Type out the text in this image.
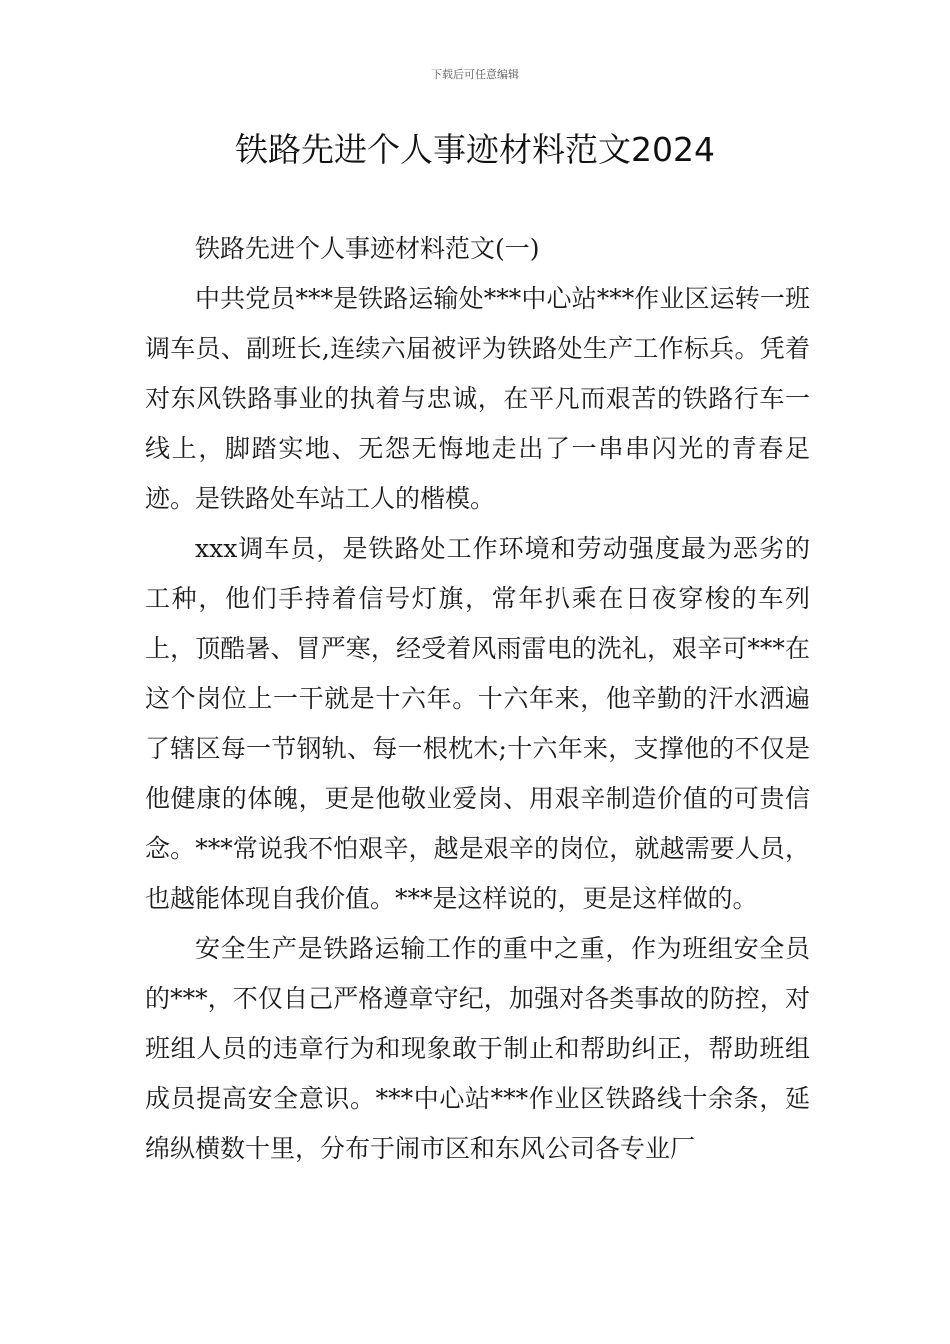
下载后可任意编辑
铁路先进个人事迹材料范文2024

铁路先进个人事迹材料范文(一)

中共党员***是铁路运输处***中心站***作业区运转一班调车员、副班长,连续六届被评为铁路处生产工作标兵。凭着对东风铁路事业的执着与忠诚，在平凡而艰苦的铁路行车一线上，脚踏实地、无怨无悔地走出了一串串闪光的青春足迹。是铁路处车站工人的楷模。

xxx调车员，是铁路处工作环境和劳动强度最为恶劣的工种，他们手持着信号灯旗，常年扒乘在日夜穿梭的车列上，顶酷暑、冒严寒，经受着风雨雷电的洗礼，艰辛可***在这个岗位上一干就是十六年。十六年来，他辛勤的汗水洒遍了辖区每一节钢轨、每一根枕木;十六年来，支撑他的不仅是他健康的体魄，更是他敬业爱岗、用艰辛制造价值的可贵信念。***常说我不怕艰辛，越是艰辛的岗位，就越需要人员，也越能体现自我价值。***是这样说的，更是这样做的。

安全生产是铁路运输工作的重中之重，作为班组安全员的***，不仅自己严格遵章守纪，加强对各类事故的防控，对班组人员的违章行为和现象敢于制止和帮助纠正，帮助班组成员提高安全意识。***中心站***作业区铁路线十余条，延绵纵横数十里，分布于闹市区和东风公司各专业厂
